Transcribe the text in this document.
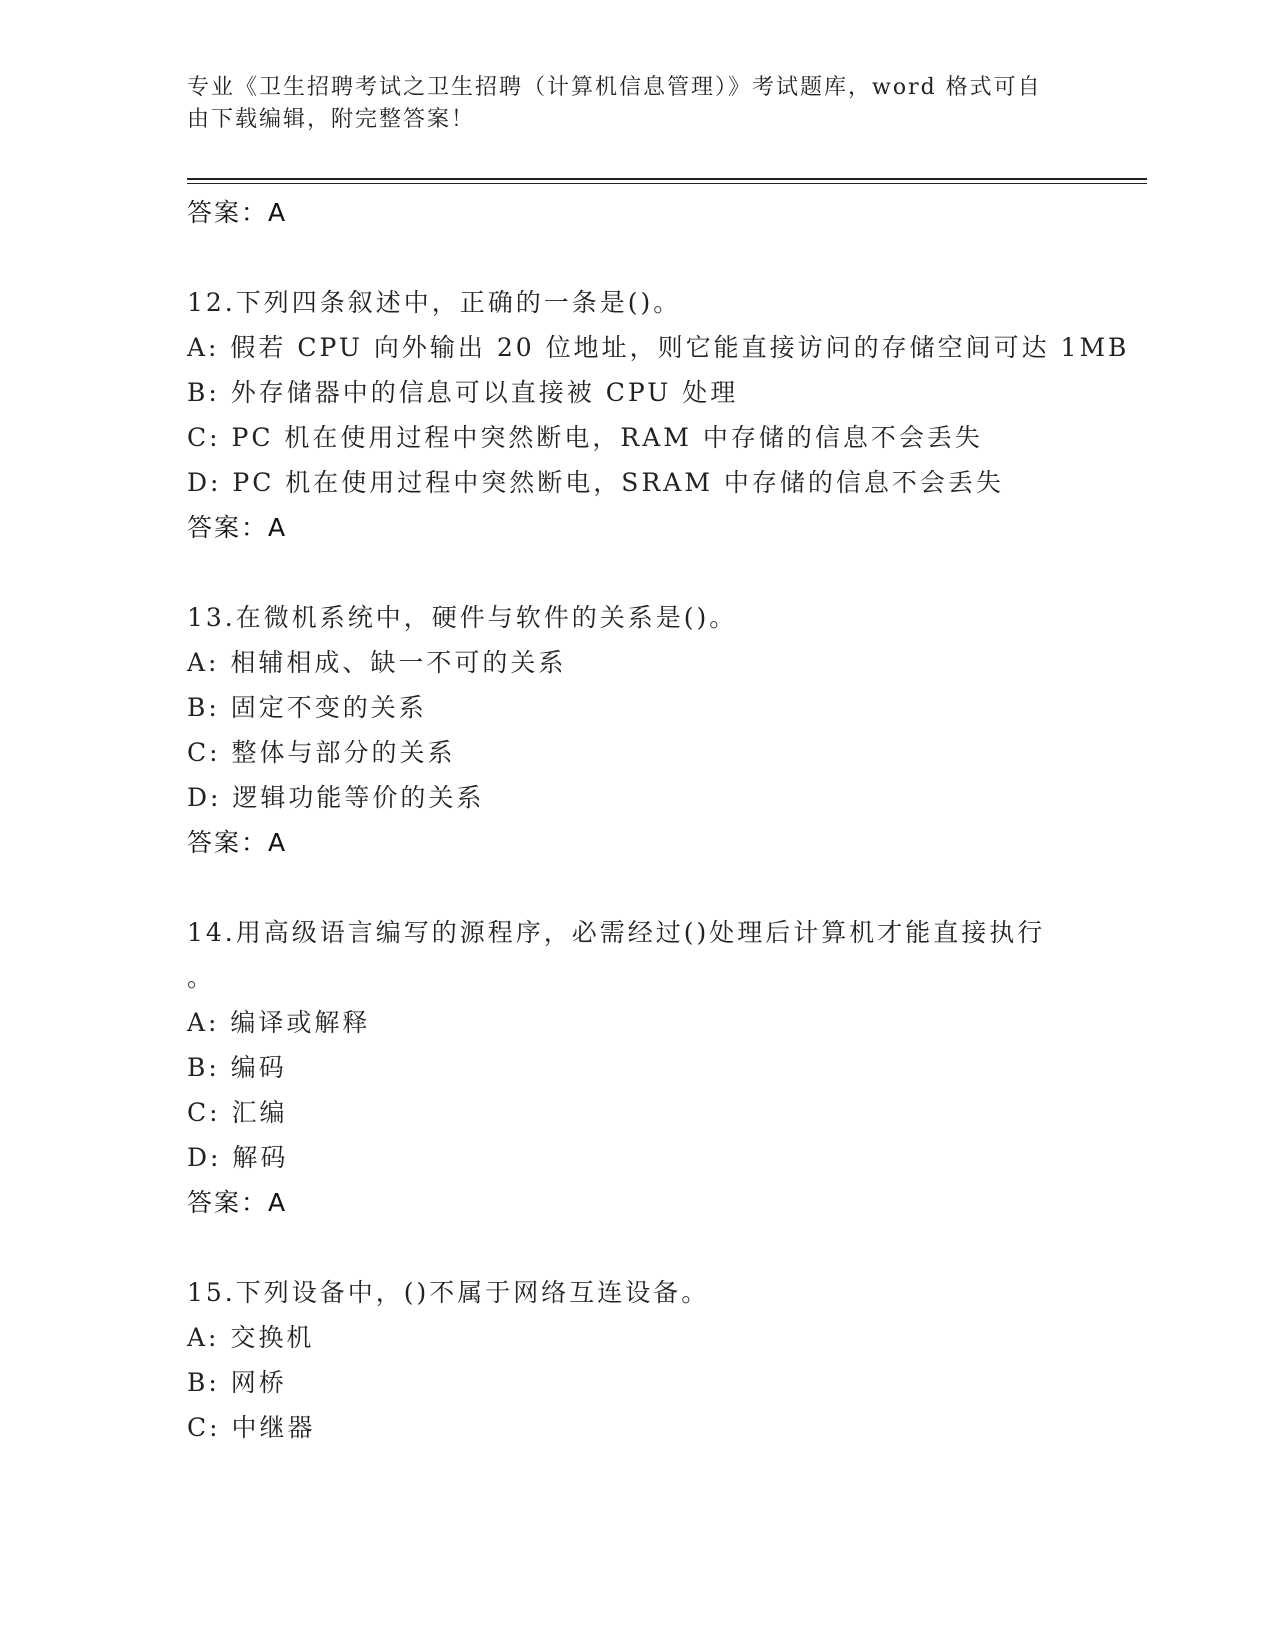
专业《卫生招聘考试之卫生招聘（计算机信息管理）》考试题库，word 格式可自
由下载编辑，附完整答案！
答案：A
12.下列四条叙述中，正确的一条是()。
A: 假若 CPU 向外输出 20 位地址，则它能直接访问的存储空间可达 1MB
B: 外存储器中的信息可以直接被 CPU 处理
C: PC 机在使用过程中突然断电，RAM 中存储的信息不会丢失
D: PC 机在使用过程中突然断电，SRAM 中存储的信息不会丢失
答案：A
13.在微机系统中，硬件与软件的关系是()。
A: 相辅相成、缺一不可的关系
B: 固定不变的关系
C: 整体与部分的关系
D: 逻辑功能等价的关系
答案：A
14.用高级语言编写的源程序，必需经过()处理后计算机才能直接执行
。
A: 编译或解释
B: 编码
C: 汇编
D: 解码
答案：A
15.下列设备中，()不属于网络互连设备。
A: 交换机
B: 网桥
C: 中继器
